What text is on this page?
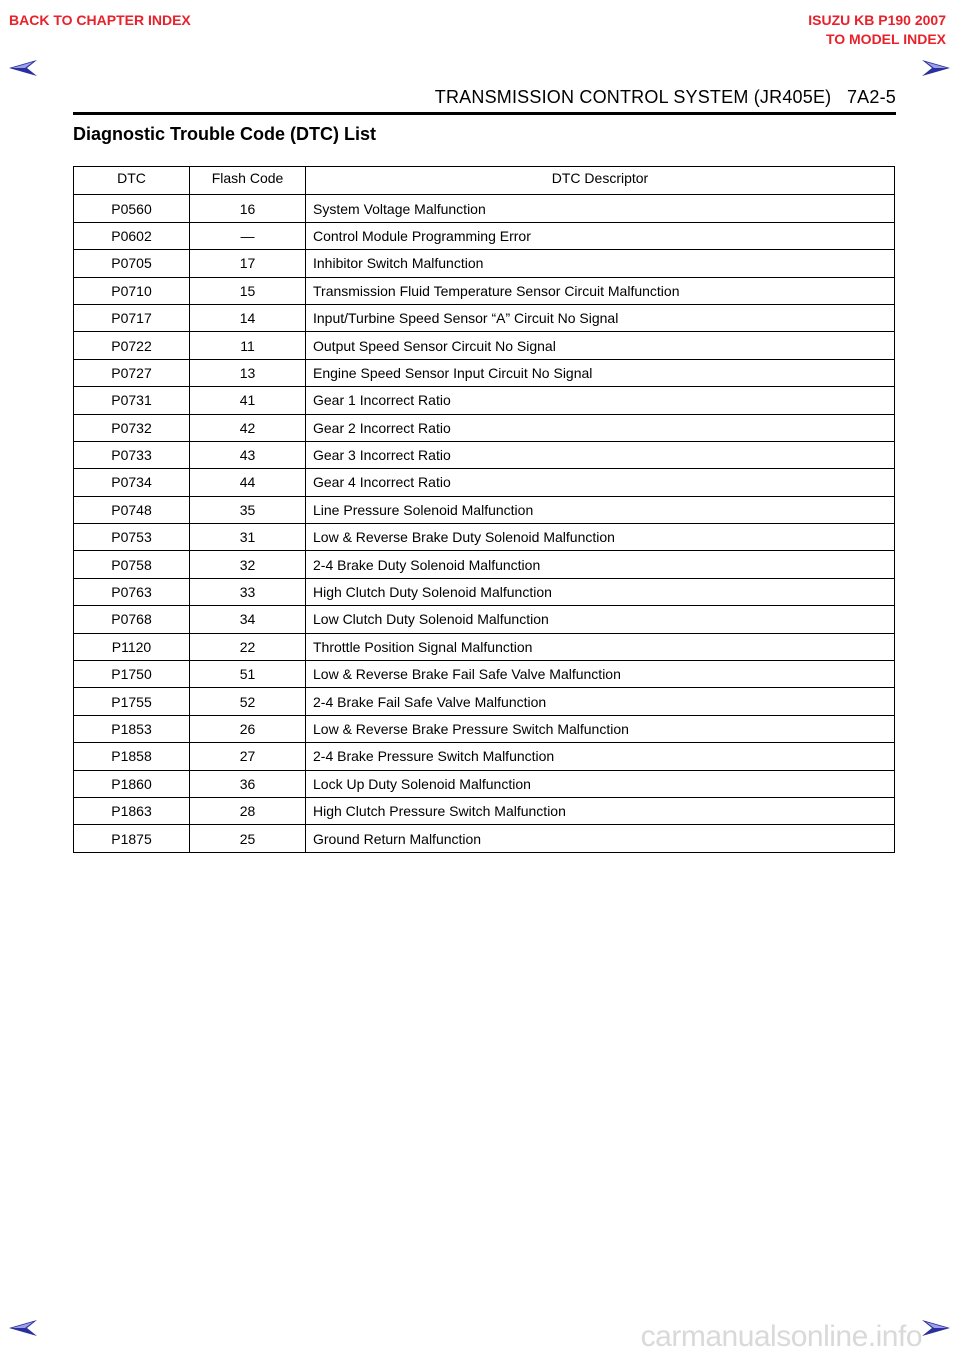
BACK TO CHAPTER INDEX	ISUZU KB P190 2007
TO MODEL INDEX
TRANSMISSION CONTROL SYSTEM (JR405E)   7A2-5
Diagnostic Trouble Code (DTC) List
DTC	Flash Code	DTC Descriptor
P0560	16	System Voltage Malfunction
P0602	—	Control Module Programming Error
P0705	17	Inhibitor Switch Malfunction
P0710	15	Transmission Fluid Temperature Sensor Circuit Malfunction
P0717	14	Input/Turbine Speed Sensor “A” Circuit No Signal
P0722	11	Output Speed Sensor Circuit No Signal
P0727	13	Engine Speed Sensor Input Circuit No Signal
P0731	41	Gear 1 Incorrect Ratio
P0732	42	Gear 2 Incorrect Ratio
P0733	43	Gear 3 Incorrect Ratio
P0734	44	Gear 4 Incorrect Ratio
P0748	35	Line Pressure Solenoid Malfunction
P0753	31	Low & Reverse Brake Duty Solenoid Malfunction
P0758	32	2-4 Brake Duty Solenoid Malfunction
P0763	33	High Clutch Duty Solenoid Malfunction
P0768	34	Low Clutch Duty Solenoid Malfunction
P1120	22	Throttle Position Signal Malfunction
P1750	51	Low & Reverse Brake Fail Safe Valve Malfunction
P1755	52	2-4 Brake Fail Safe Valve Malfunction
P1853	26	Low & Reverse Brake Pressure Switch Malfunction
P1858	27	2-4 Brake Pressure Switch Malfunction
P1860	36	Lock Up Duty Solenoid Malfunction
P1863	28	High Clutch Pressure Switch Malfunction
P1875	25	Ground Return Malfunction
carmanualsonline.info
